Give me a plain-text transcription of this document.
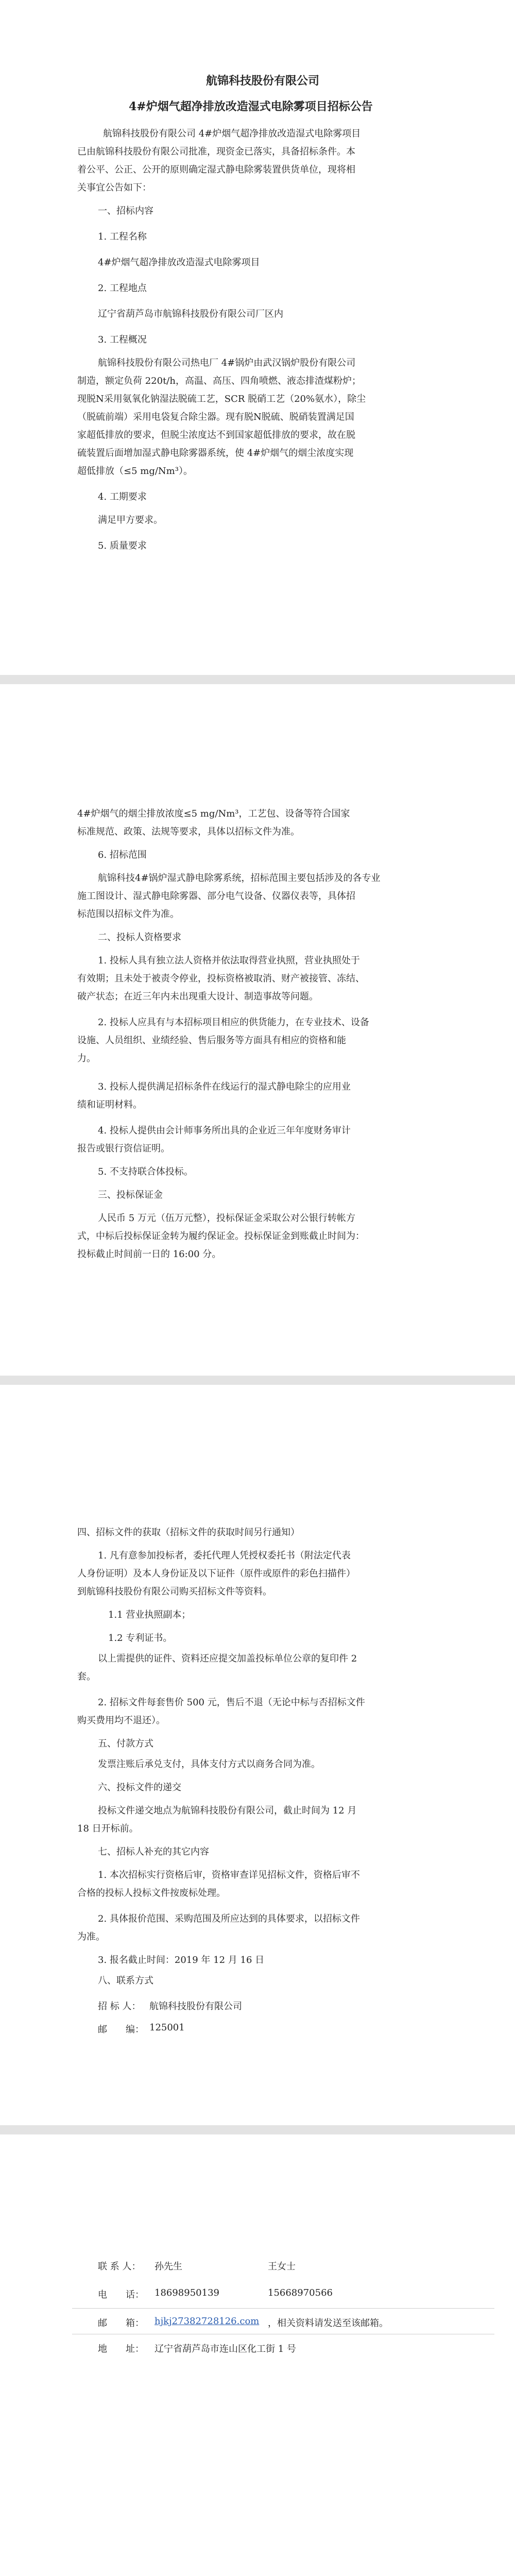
航锦科技股份有限公司
4#炉烟气超净排放改造湿式电除雾项目招标公告
航锦科技股份有限公司 4#炉烟气超净排放改造湿式电除雾项目
已由航锦科技股份有限公司批准，现资金已落实，具备招标条件。本
着公平、公正、公开的原则确定湿式静电除雾装置供货单位，现将相
关事宜公告如下：
一、招标内容
1. 工程名称
4#炉烟气超净排放改造湿式电除雾项目
2. 工程地点
辽宁省葫芦岛市航锦科技股份有限公司厂区内
3. 工程概况
航锦科技股份有限公司热电厂 4#锅炉由武汉锅炉股份有限公司
制造，额定负荷 220t/h，高温、高压、四角喷燃、液态排渣煤粉炉；
现脱N采用氨氧化钠湿法脱硫工艺，SCR 脱硝工艺（20%氨水），除尘
（脱硫前端）采用电袋复合除尘器。现有脱N脱硫、脱硝装置满足国
家超低排放的要求，但脱尘浓度达不到国家超低排放的要求，故在脱
硫装置后面增加湿式静电除雾器系统，使 4#炉烟气的烟尘浓度实现
超低排放（≤5 mg/Nm³）。
4. 工期要求
满足甲方要求。
5. 质量要求
4#炉烟气的烟尘排放浓度≤5 mg/Nm³，工艺包、设备等符合国家
标准规范、政策、法规等要求，具体以招标文件为准。
6. 招标范围
航锦科技4#锅炉湿式静电除雾系统，招标范围主要包括涉及的各专业
施工图设计、湿式静电除雾器、部分电气设备、仪器仪表等，具体招
标范围以招标文件为准。
二、投标人资格要求
1. 投标人具有独立法人资格并依法取得营业执照，营业执照处于
有效期；且未处于被责令停业，投标资格被取消、财产被接管、冻结、
破产状态；在近三年内未出现重大设计、制造事故等问题。
2. 投标人应具有与本招标项目相应的供货能力，在专业技术、设备
设施、人员组织、业绩经验、售后服务等方面具有相应的资格和能
力。
3. 投标人提供满足招标条件在线运行的湿式静电除尘的应用业
绩和证明材料。
4. 投标人提供由会计师事务所出具的企业近三年年度财务审计
报告或银行资信证明。
5. 不支持联合体投标。
三、投标保证金
人民币 5 万元（伍万元整），投标保证金采取公对公银行转帐方
式，中标后投标保证金转为履约保证金。投标保证金到账截止时间为：
投标截止时间前一日的 16:00 分。
四、招标文件的获取（招标文件的获取时间另行通知）
1. 凡有意参加投标者，委托代理人凭授权委托书（附法定代表
人身份证明）及本人身份证及以下证件（原件或原件的彩色扫描件）
到航锦科技股份有限公司购买招标文件等资料。
1.1 营业执照副本；
1.2 专利证书。
以上需提供的证件、资料还应提交加盖投标单位公章的复印件 2
套。
2. 招标文件每套售价 500 元，售后不退（无论中标与否招标文件
购买费用均不退还）。
五、付款方式
发票注账后承兑支付，具体支付方式以商务合同为准。
六、投标文件的递交
投标文件递交地点为航锦科技股份有限公司，截止时间为 12 月
18 日开标前。
七、招标人补充的其它内容
1. 本次招标实行资格后审，资格审查详见招标文件，资格后审不
合格的投标人投标文件按废标处理。
2. 具体报价范围、采购范围及所应达到的具体要求，以招标文件
为准。
3. 报名截止时间：2019 年 12 月 16 日
八、联系方式
招 标 人： 航锦科技股份有限公司
邮　　编： 125001
联 系 人： 孙先生	王女士
电　　话： 18698950139	15668970566
邮　　箱： hjkj27382728126.com ，相关资料请发送至该邮箱。
地　　址： 辽宁省葫芦岛市连山区化工街 1 号
